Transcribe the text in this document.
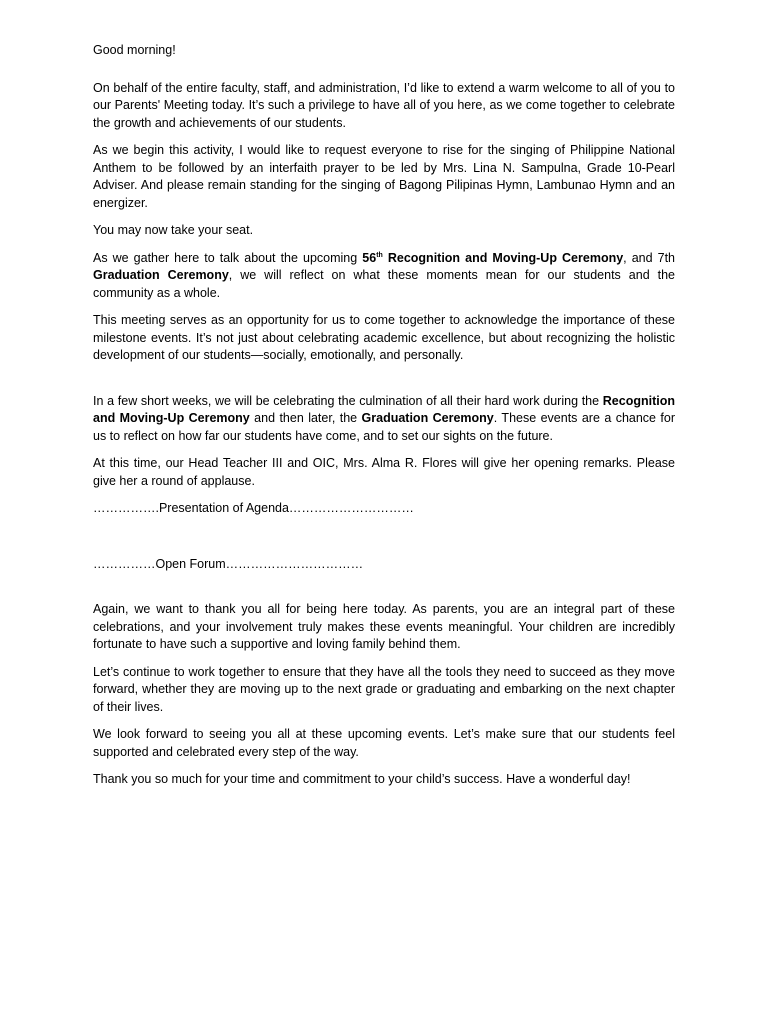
Good morning!

On behalf of the entire faculty, staff, and administration, I’d like to extend a warm welcome to all of you to our Parents' Meeting today. It’s such a privilege to have all of you here, as we come together to celebrate the growth and achievements of our students.

As we begin this activity, I would like to request everyone to rise for the singing of Philippine National Anthem to be followed by an interfaith prayer to be led by Mrs. Lina N. Sampulna, Grade 10-Pearl Adviser. And please remain standing for the singing of Bagong Pilipinas Hymn, Lambunao Hymn and an energizer.

You may now take your seat.

As we gather here to talk about the upcoming 56th Recognition and Moving-Up Ceremony, and 7th Graduation Ceremony, we will reflect on what these moments mean for our students and the community as a whole.

This meeting serves as an opportunity for us to come together to acknowledge the importance of these milestone events. It’s not just about celebrating academic excellence, but about recognizing the holistic development of our students—socially, emotionally, and personally.

In a few short weeks, we will be celebrating the culmination of all their hard work during the Recognition and Moving-Up Ceremony and then later, the Graduation Ceremony. These events are a chance for us to reflect on how far our students have come, and to set our sights on the future.

At this time, our Head Teacher III and OIC, Mrs. Alma R. Flores will give her opening remarks. Please give her a round of applause.

…………….Presentation of Agenda…………………………

……………Open Forum……………………………

Again, we want to thank you all for being here today. As parents, you are an integral part of these celebrations, and your involvement truly makes these events meaningful. Your children are incredibly fortunate to have such a supportive and loving family behind them.

Let’s continue to work together to ensure that they have all the tools they need to succeed as they move forward, whether they are moving up to the next grade or graduating and embarking on the next chapter of their lives.

We look forward to seeing you all at these upcoming events. Let’s make sure that our students feel supported and celebrated every step of the way.

Thank you so much for your time and commitment to your child’s success. Have a wonderful day!
